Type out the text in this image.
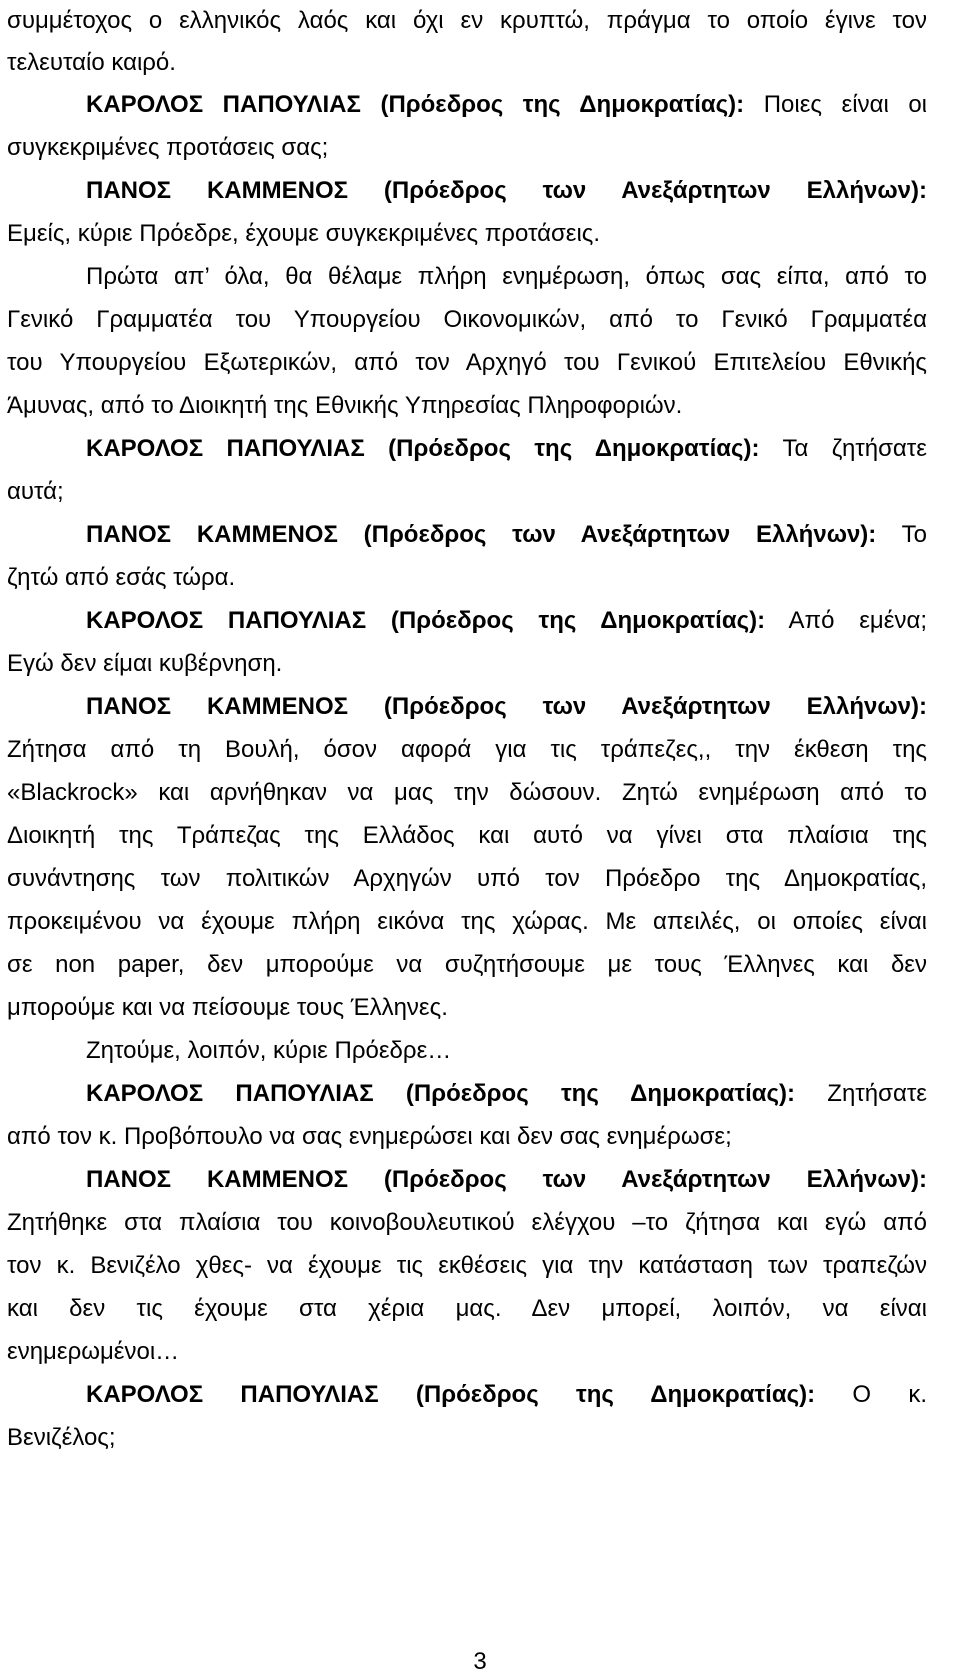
συμμέτοχος ο ελληνικός λαός και όχι εν κρυπτώ, πράγμα το οποίο έγινε τον
τελευταίο καιρό.
ΚΑΡΟΛΟΣ ΠΑΠΟΥΛΙΑΣ (Πρόεδρος της Δημοκρατίας): Ποιες είναι οι
συγκεκριμένες προτάσεις σας;
ΠΑΝΟΣ ΚΑΜΜΕΝΟΣ (Πρόεδρος των Ανεξάρτητων Ελλήνων):
Εμείς, κύριε Πρόεδρε, έχουμε συγκεκριμένες προτάσεις.
Πρώτα απ’ όλα, θα θέλαμε πλήρη ενημέρωση, όπως σας είπα, από το
Γενικό Γραμματέα του Υπουργείου Οικονομικών, από το Γενικό Γραμματέα
του Υπουργείου Εξωτερικών, από τον Αρχηγό του Γενικού Επιτελείου Εθνικής
Άμυνας, από το Διοικητή της Εθνικής Υπηρεσίας Πληροφοριών.
ΚΑΡΟΛΟΣ ΠΑΠΟΥΛΙΑΣ (Πρόεδρος της Δημοκρατίας): Τα ζητήσατε
αυτά;
ΠΑΝΟΣ ΚΑΜΜΕΝΟΣ (Πρόεδρος των Ανεξάρτητων Ελλήνων): Το
ζητώ από εσάς τώρα.
ΚΑΡΟΛΟΣ ΠΑΠΟΥΛΙΑΣ (Πρόεδρος της Δημοκρατίας): Από εμένα;
Εγώ δεν είμαι κυβέρνηση.
ΠΑΝΟΣ ΚΑΜΜΕΝΟΣ (Πρόεδρος των Ανεξάρτητων Ελλήνων):
Ζήτησα από τη Βουλή, όσον αφορά για τις τράπεζες,, την έκθεση της
«Blackrock» και αρνήθηκαν να μας την δώσουν. Ζητώ ενημέρωση από το
Διοικητή της Τράπεζας της Ελλάδος και αυτό να γίνει στα πλαίσια της
συνάντησης των πολιτικών Αρχηγών υπό τον Πρόεδρο της Δημοκρατίας,
προκειμένου να έχουμε πλήρη εικόνα της χώρας. Με απειλές, οι οποίες είναι
σε non paper, δεν μπορούμε να συζητήσουμε με τους Έλληνες και δεν
μπορούμε και να πείσουμε τους Έλληνες.
Ζητούμε, λοιπόν, κύριε Πρόεδρε…
ΚΑΡΟΛΟΣ ΠΑΠΟΥΛΙΑΣ (Πρόεδρος της Δημοκρατίας): Ζητήσατε
από τον κ. Προβόπουλο να σας ενημερώσει και δεν σας ενημέρωσε;
ΠΑΝΟΣ ΚΑΜΜΕΝΟΣ (Πρόεδρος των Ανεξάρτητων Ελλήνων):
Ζητήθηκε στα πλαίσια του κοινοβουλευτικού ελέγχου –το ζήτησα και εγώ από
τον κ. Βενιζέλο χθες- να έχουμε τις εκθέσεις για την κατάσταση των τραπεζών
και δεν τις έχουμε στα χέρια μας. Δεν μπορεί, λοιπόν, να είναι
ενημερωμένοι…
ΚΑΡΟΛΟΣ ΠΑΠΟΥΛΙΑΣ (Πρόεδρος της Δημοκρατίας): Ο κ.
Βενιζέλος;
3
